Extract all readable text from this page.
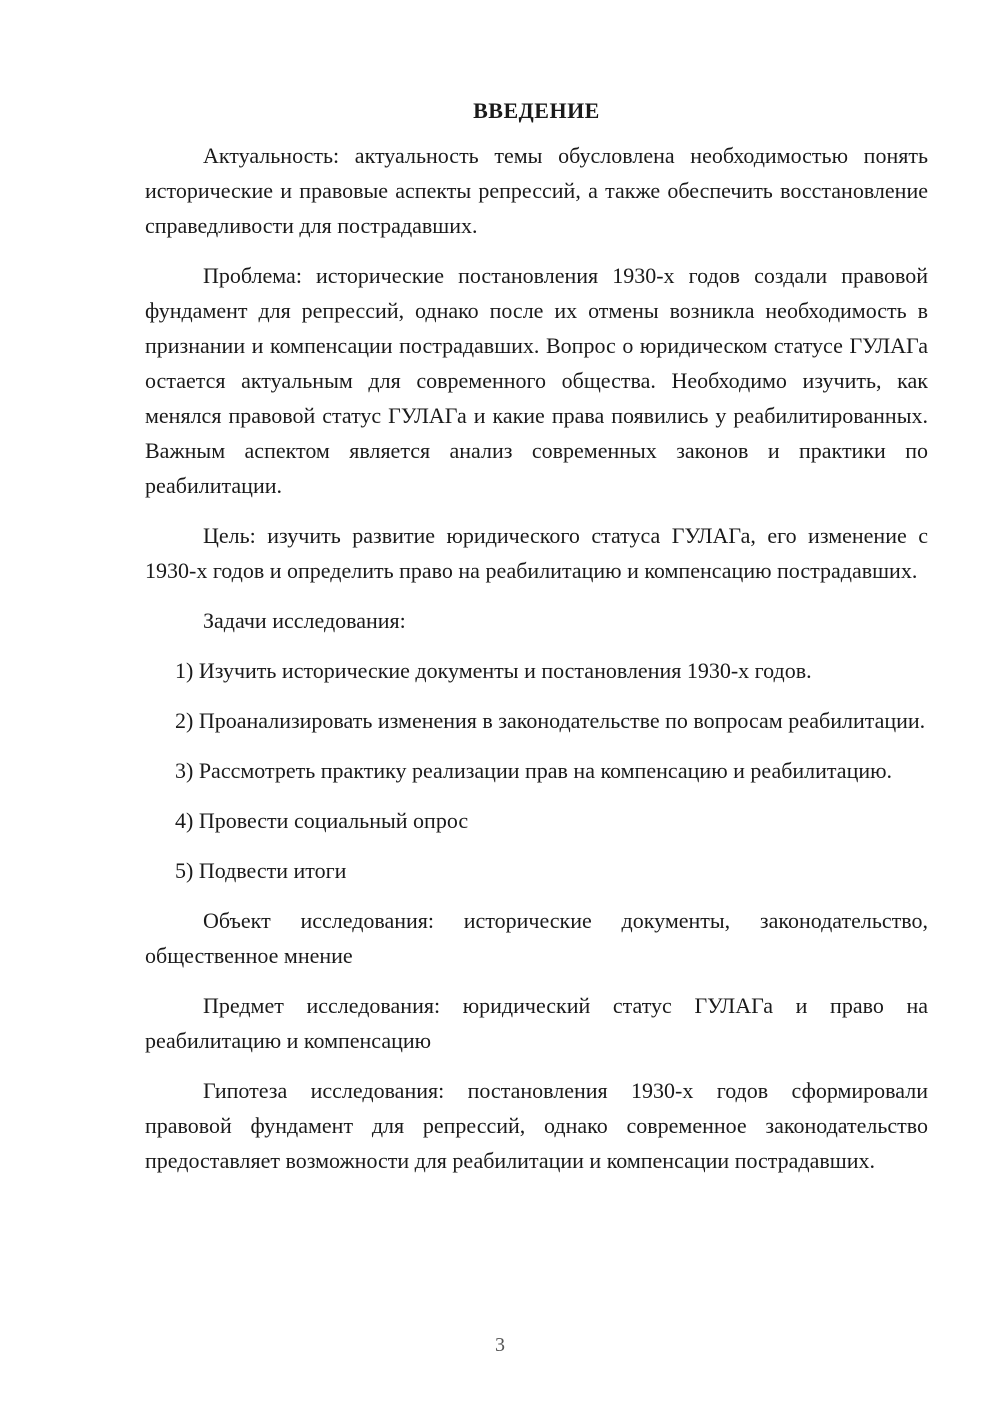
ВВЕДЕНИЕ

Актуальность: актуальность темы обусловлена необходимостью понять исторические и правовые аспекты репрессий, а также обеспечить восстановление справедливости для пострадавших.

Проблема: исторические постановления 1930-х годов создали правовой фундамент для репрессий, однако после их отмены возникла необходимость в признании и компенсации пострадавших. Вопрос о юридическом статусе ГУЛАГа остается актуальным для современного общества. Необходимо изучить, как менялся правовой статус ГУЛАГа и какие права появились у реабилитированных. Важным аспектом является анализ современных законов и практики по реабилитации.

Цель: изучить развитие юридического статуса ГУЛАГа, его изменение с 1930-х годов и определить право на реабилитацию и компенсацию пострадавших.

Задачи исследования:

1) Изучить исторические документы и постановления 1930-х годов.

2) Проанализировать изменения в законодательстве по вопросам реабилитации.

3) Рассмотреть практику реализации прав на компенсацию и реабилитацию.

4) Провести социальный опрос

5) Подвести итоги

Объект исследования: исторические документы, законодательство, общественное мнение

Предмет исследования: юридический статус ГУЛАГа и право на реабилитацию и компенсацию

Гипотеза исследования: постановления 1930-х годов сформировали правовой фундамент для репрессий, однако современное законодательство предоставляет возможности для реабилитации и компенсации пострадавших.

3
